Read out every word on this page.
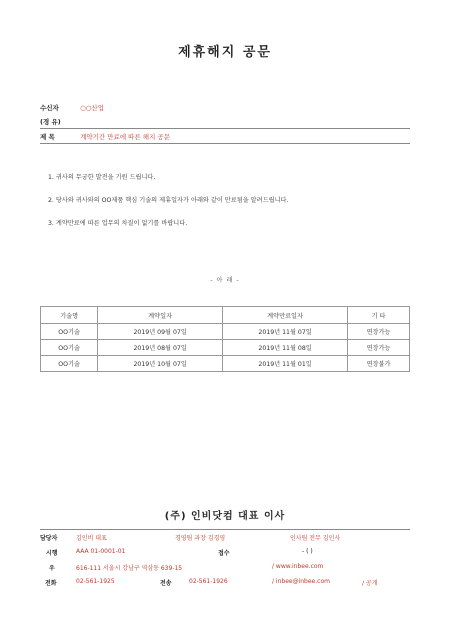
제휴해지 공문
수신자	○○산업
(경 유)
제 목	계약기간 만료에 따른 해지 공문
1. 귀사의 무궁한 발전을 기원 드립니다.
2. 당사와 귀사와의 OO제품 핵심 기술의 제휴일자가 아래와 같이 만료됨을 알려드립니다.
3. 계약만료에 따른 업무의 차질이 없기를 바랍니다.
- 아 래 -
기술명	계약일자	계약만료일자	기 타
OO기술	2019년 09월 07일	2019년 11월 07일	연장가능
OO기술	2019년 08월 07일	2019년 11월 08일	연장가능
OO기술	2019년 10월 07일	2019년 11월 01일	연장불가
(주) 인비닷컴 대표 이사
담당자	김인비 대표	경영팀 과장 김경영	인사팀 전무 김인사
시행	AAA 01-0001-01	접수	- ( )
우	616-111 서울시 강남구 역삼동 639-15	/ www.inbee.com
전화	02-561-1925	전송	02-561-1926	/ inbee@inbee.com	/ 공개
